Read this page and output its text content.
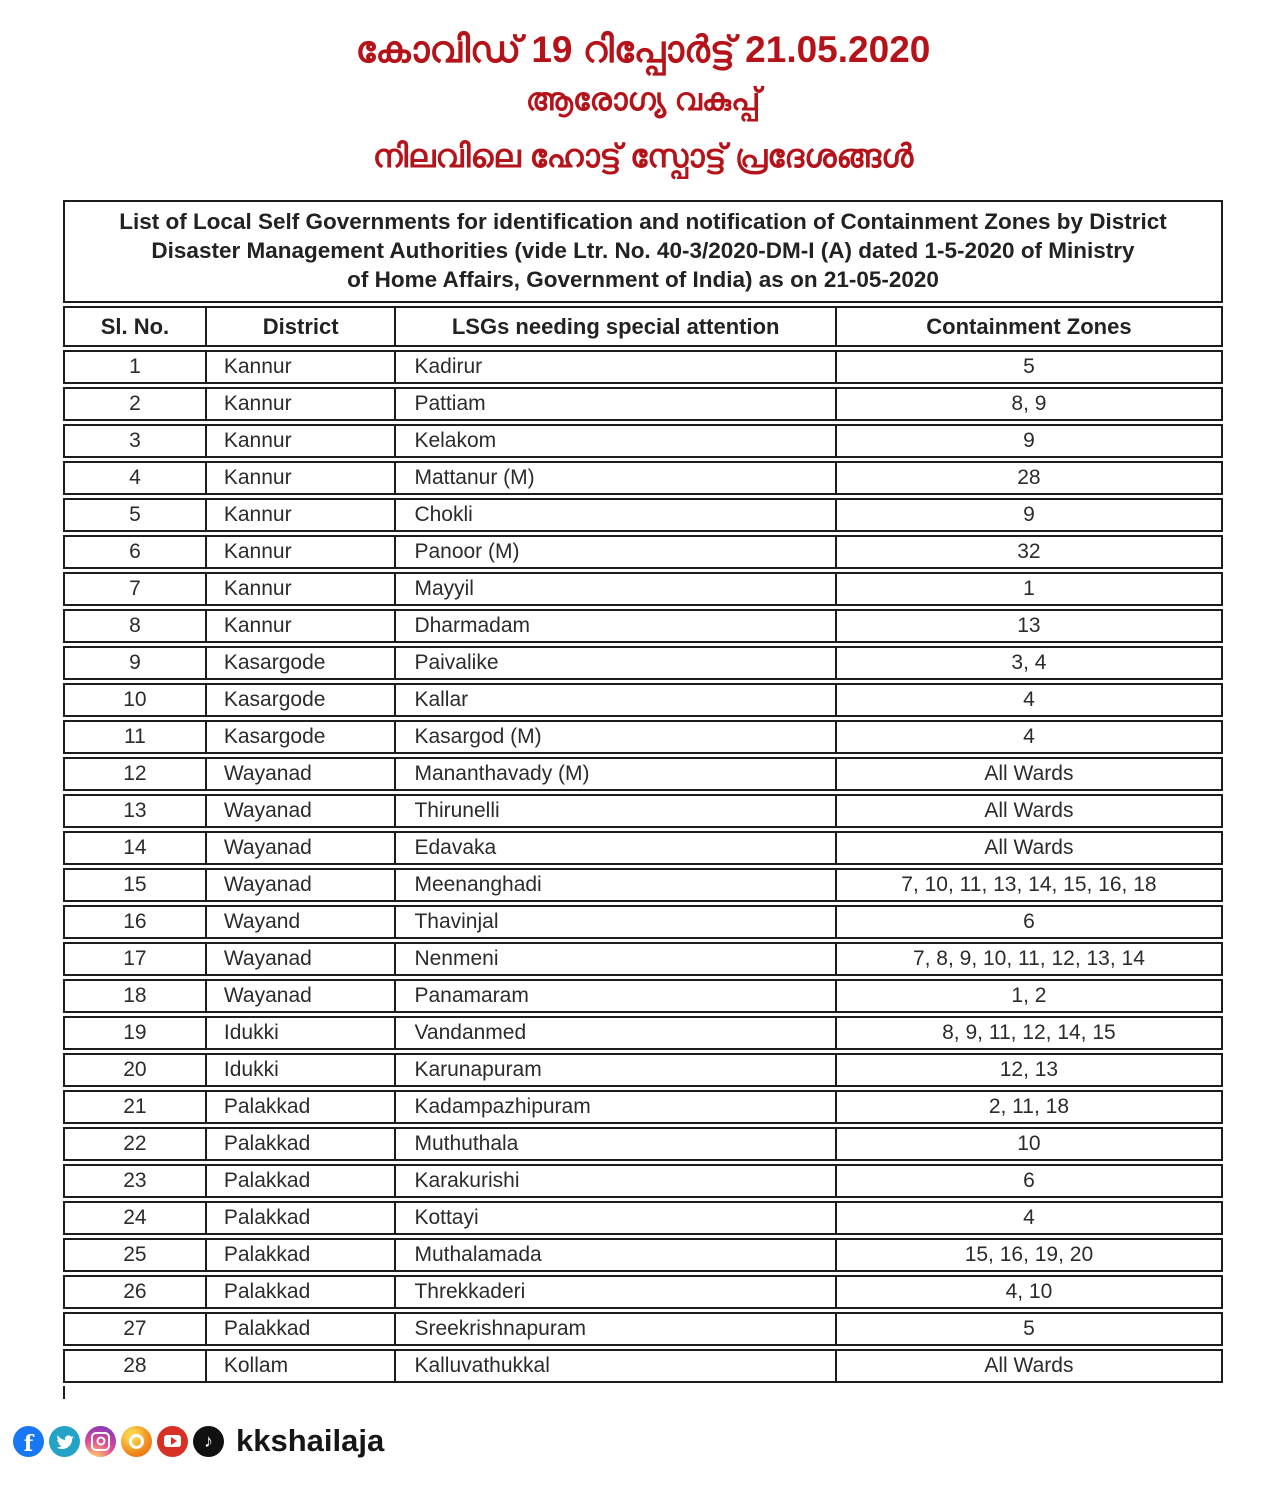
കോവിഡ് 19 റിപ്പോർട്ട് 21.05.2020
ആരോഗ്യ വകുപ്പ്
നിലവിലെ ഹോട്ട് സ്പോട്ട് പ്രദേശങ്ങൾ
List of Local Self Governments for identification and notification of Containment Zones by District
Disaster Management Authorities (vide Ltr. No. 40-3/2020-DM-I (A) dated 1-5-2020 of Ministry
of Home Affairs, Government of India) as on 21-05-2020
Sl. No.	District	LSGs needing special attention	Containment Zones
1	Kannur	Kadirur	5
2	Kannur	Pattiam	8, 9
3	Kannur	Kelakom	9
4	Kannur	Mattanur (M)	28
5	Kannur	Chokli	9
6	Kannur	Panoor (M)	32
7	Kannur	Mayyil	1
8	Kannur	Dharmadam	13
9	Kasargode	Paivalike	3, 4
10	Kasargode	Kallar	4
11	Kasargode	Kasargod (M)	4
12	Wayanad	Mananthavady (M)	All Wards
13	Wayanad	Thirunelli	All Wards
14	Wayanad	Edavaka	All Wards
15	Wayanad	Meenanghadi	7, 10, 11, 13, 14, 15, 16, 18
16	Wayand	Thavinjal	6
17	Wayanad	Nenmeni	7, 8, 9, 10, 11, 12, 13, 14
18	Wayanad	Panamaram	1, 2
19	Idukki	Vandanmed	8, 9, 11, 12, 14, 15
20	Idukki	Karunapuram	12, 13
21	Palakkad	Kadampazhipuram	2, 11, 18
22	Palakkad	Muthuthala	10
23	Palakkad	Karakurishi	6
24	Palakkad	Kottayi	4
25	Palakkad	Muthalamada	15, 16, 19, 20
26	Palakkad	Threkkaderi	4, 10
27	Palakkad	Sreekrishnapuram	5
28	Kollam	Kalluvathukkal	All Wards
f	♪ kkshailaja
